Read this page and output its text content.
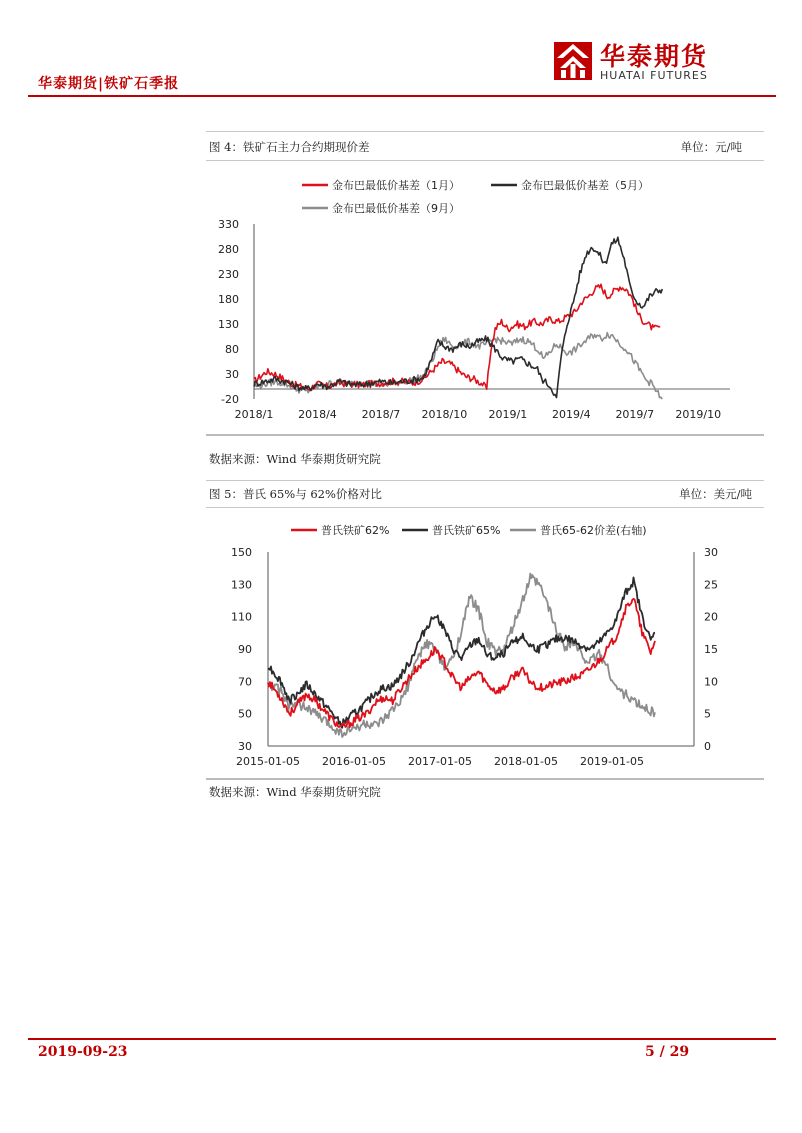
华泰期货|铁矿石季报
华泰期货
HUATAI FUTURES
图 4：铁矿石主力合约期现价差	单位：元/吨
金布巴最低价基差（1月）	金布巴最低价基差（5月）
金布巴最低价基差（9月）
330
280
230
180
130
80
30
-20
2018/1 2018/4 2018/7 2018/10 2019/1 2019/4 2019/7 2019/10
数据来源：Wind 华泰期货研究院
图 5：普氏 65%与 62%价格对比	单位：美元/吨
普氏铁矿62%	普氏铁矿65%	普氏65-62价差(右轴)
150
130
110
90
70
50
30
30
25
20
15
10
5
0
2015-01-05 2016-01-05 2017-01-05 2018-01-05 2019-01-05
数据来源：Wind 华泰期货研究院
2019-09-23	5 / 29
